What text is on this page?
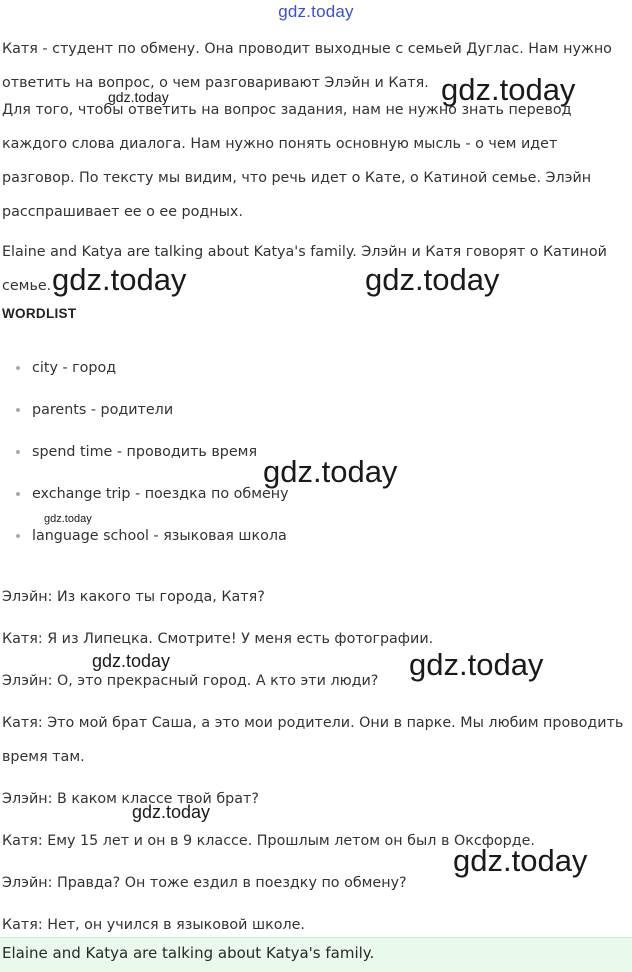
gdz.today

Катя - студент по обмену. Она проводит выходные с семьей Дуглас. Нам нужно ответить на вопрос, о чем разговаривают Элэйн и Катя.

Для того, чтобы ответить на вопрос задания, нам не нужно знать перевод каждого слова диалога. Нам нужно понять основную мысль - о чем идет разговор. По тексту мы видим, что речь идет о Кате, о Катиной семье. Элэйн расспрашивает ее о ее родных.

Elaine and Katya are talking about Katya's family. Элэйн и Катя говорят о Катиной семье.

WORDLIST
city - город
parents - родители
spend time - проводить время
exchange trip - поездка по обмену
language school - языковая школа

Элэйн: Из какого ты города, Катя?

Катя: Я из Липецка. Смотрите! У меня есть фотографии.

Элэйн: О, это прекрасный город. А кто эти люди?

Катя: Это мой брат Саша, а это мои родители. Они в парке. Мы любим проводить время там.

Элэйн: В каком классе твой брат?

Катя: Ему 15 лет и он в 9 классе. Прошлым летом он был в Оксфорде.

Элэйн: Правда? Он тоже ездил в поездку по обмену?

Катя: Нет, он учился в языковой школе.

Elaine and Katya are talking about Katya's family.
gdz.today
gdz.today
gdz.today	gdz.today
gdz.today
gdz.today
gdz.today	gdz.today
gdz.today
gdz.today
